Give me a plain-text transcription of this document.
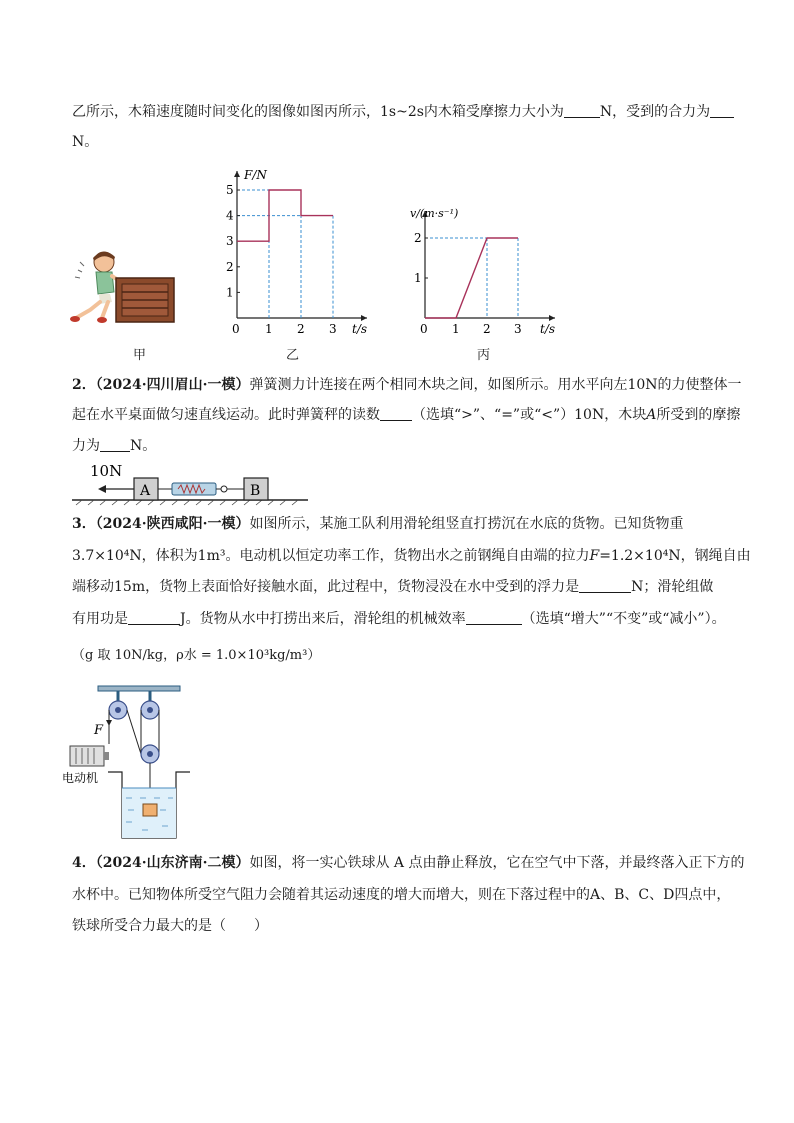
乙所示，木箱速度随时间变化的图像如图丙所示，1s~2s内木箱受摩擦力大小为	N，受到的合力为
N。
甲
F/N
t/s
0 1 2 3
1
2
3
4
5
乙
v/(m·s⁻¹)
t/s
0 1 2 3
1
2
丙
2．（2024·四川眉山·一模）弹簧测力计连接在两个相同木块之间，如图所示。用水平向左10N的力使整体一
起在水平桌面做匀速直线运动。此时弹簧秤的读数 （选填“>”、“=”或“<”）10N，木块A所受到的摩擦
力为 N。
10N
A	B
3．（2024·陕西咸阳·一模）如图所示，某施工队利用滑轮组竖直打捞沉在水底的货物。已知货物重
3.7×10⁴N，体积为1m³。电动机以恒定功率工作，货物出水之前钢绳自由端的拉力F=1.2×10⁴N，钢绳自由
端移动15m，货物上表面恰好接触水面，此过程中，货物浸没在水中受到的浮力是	N；滑轮组做
有用功是	J。货物从水中打捞出来后，滑轮组的机械效率	（选填“增大”“不变”或“减小”）。
（g 取 10N/kg，ρ水 = 1.0×10³kg/m³）
F
电动机
4．（2024·山东济南·二模）如图，将一实心铁球从 A 点由静止释放，它在空气中下落，并最终落入正下方的
水杯中。已知物体所受空气阻力会随着其运动速度的增大而增大，则在下落过程中的A、B、C、D四点中，
铁球所受合力最大的是（　　）
